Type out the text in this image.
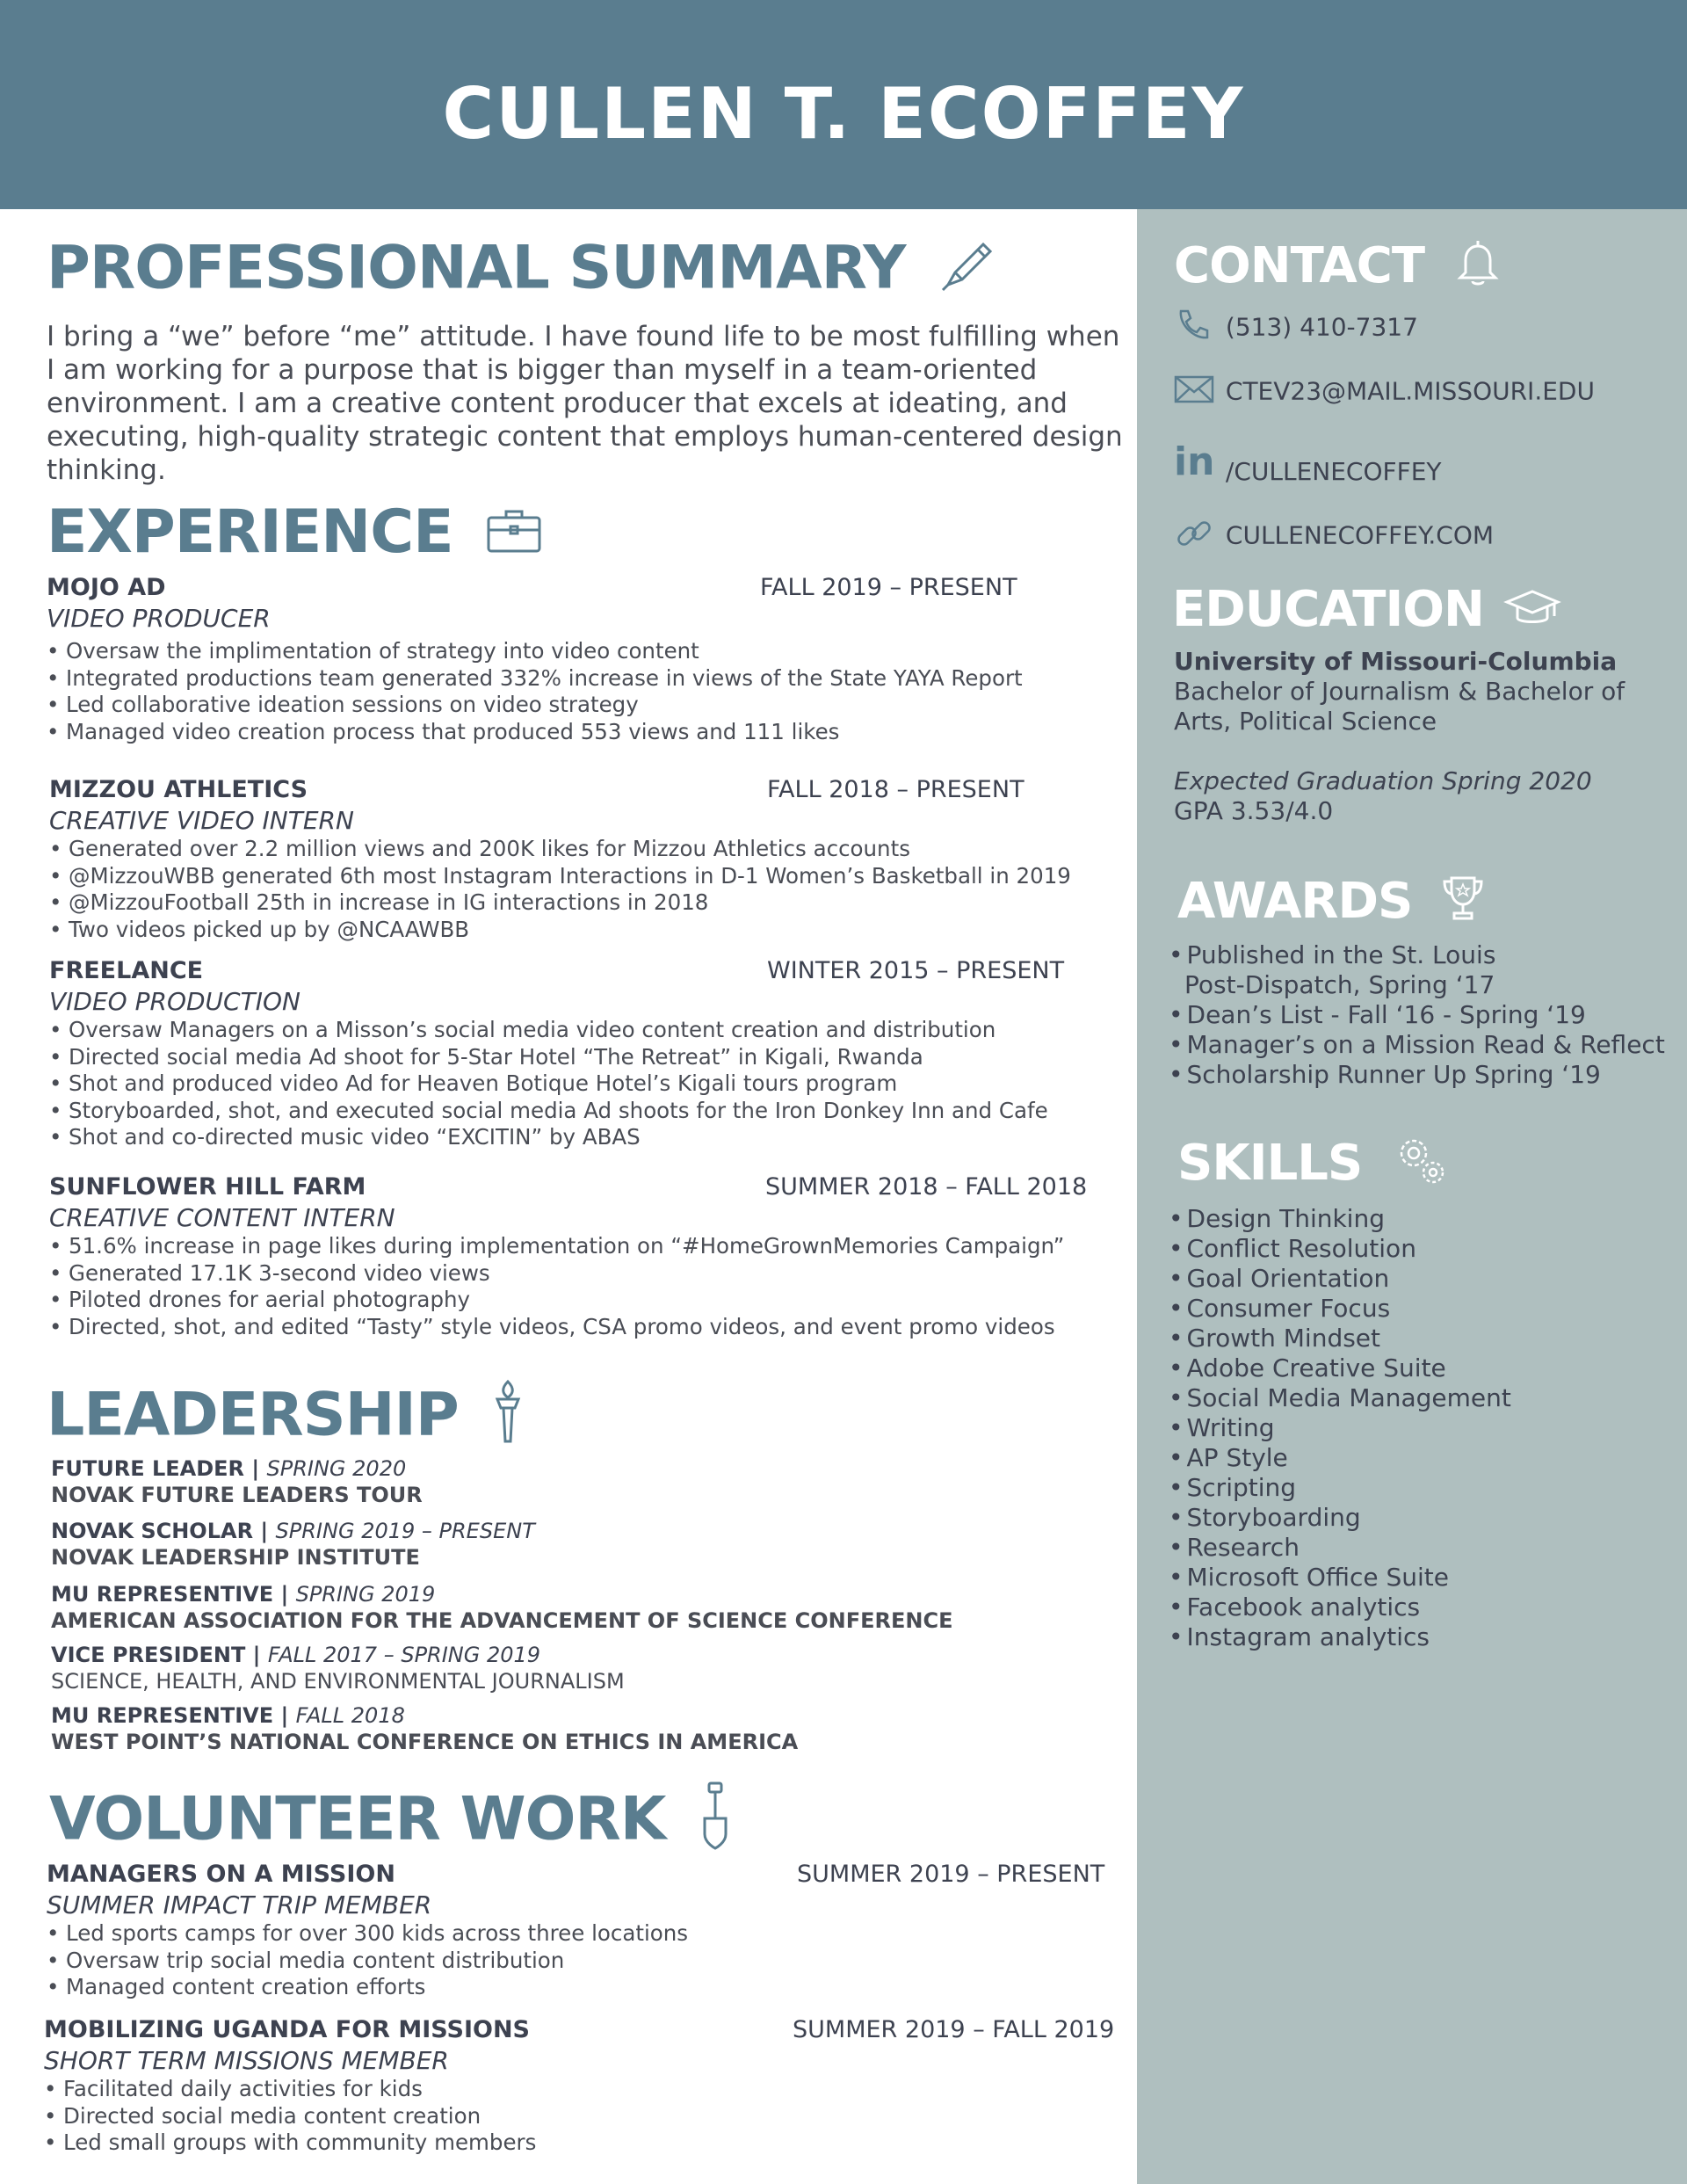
CULLEN T. ECOFFEY
PROFESSIONAL SUMMARY
I bring a “we” before “me” attitude. I have found life to be most fulfilling when I am working for a purpose that is bigger than myself in a team-oriented environment. I am a creative content producer that excels at ideating, and executing, high-quality strategic content that employs human-centered design thinking.
EXPERIENCE
MOJO AD	FALL 2019 – PRESENT
VIDEO PRODUCER
• Oversaw the implimentation of strategy into video content
• Integrated productions team generated 332% increase in views of the State YAYA Report
• Led collaborative ideation sessions on video strategy
• Managed video creation process that produced 553 views and 111 likes
MIZZOU ATHLETICS	FALL 2018 – PRESENT
CREATIVE VIDEO INTERN
• Generated over 2.2 million views and 200K likes for Mizzou Athletics accounts
• @MizzouWBB generated 6th most Instagram Interactions in D-1 Women’s Basketball in 2019
• @MizzouFootball 25th in increase in IG interactions in 2018
• Two videos picked up by @NCAAWBB
FREELANCE	WINTER 2015 – PRESENT
VIDEO PRODUCTION
• Oversaw Managers on a Misson’s social media video content creation and distribution
• Directed social media Ad shoot for 5-Star Hotel “The Retreat” in Kigali, Rwanda
• Shot and produced video Ad for Heaven Botique Hotel’s Kigali tours program
• Storyboarded, shot, and executed social media Ad shoots for the Iron Donkey Inn and Cafe
• Shot and co-directed music video “EXCITIN” by ABAS
SUNFLOWER HILL FARM	SUMMER 2018 – FALL 2018
CREATIVE CONTENT INTERN
• 51.6% increase in page likes during implementation on “#HomeGrownMemories Campaign”
• Generated 17.1K 3-second video views
• Piloted drones for aerial photography
• Directed, shot, and edited “Tasty” style videos, CSA promo videos, and event promo videos
LEADERSHIP
FUTURE LEADER | SPRING 2020
NOVAK FUTURE LEADERS TOUR
NOVAK SCHOLAR | SPRING 2019 – PRESENT
NOVAK LEADERSHIP INSTITUTE
MU REPRESENTIVE | SPRING 2019
AMERICAN ASSOCIATION FOR THE ADVANCEMENT OF SCIENCE CONFERENCE
VICE PRESIDENT | FALL 2017 – SPRING 2019
SCIENCE, HEALTH, AND ENVIRONMENTAL JOURNALISM
MU REPRESENTIVE | FALL 2018
WEST POINT’S NATIONAL CONFERENCE ON ETHICS IN AMERICA
VOLUNTEER WORK
MANAGERS ON A MISSION	SUMMER 2019 – PRESENT
SUMMER IMPACT TRIP MEMBER
• Led sports camps for over 300 kids across three locations
• Oversaw trip social media content distribution
• Managed content creation efforts
MOBILIZING UGANDA FOR MISSIONS	SUMMER 2019 – FALL 2019
SHORT TERM MISSIONS MEMBER
• Facilitated daily activities for kids
• Directed social media content creation
• Led small groups with community members
CONTACT
(513) 410-7317
CTEV23@MAIL.MISSOURI.EDU
in /CULLENECOFFEY
CULLENECOFFEY.COM
EDUCATION
University of Missouri-Columbia
Bachelor of Journalism & Bachelor of Arts, Political Science
Expected Graduation Spring 2020
GPA 3.53/4.0
AWARDS
• Published in the St. Louis
Post-Dispatch, Spring ‘17
• Dean’s List - Fall ‘16 - Spring ‘19
• Manager’s on a Mission Read & Reflect
• Scholarship Runner Up Spring ‘19
SKILLS
• Design Thinking
• Conflict Resolution
• Goal Orientation
• Consumer Focus
• Growth Mindset
• Adobe Creative Suite
• Social Media Management
• Writing
• AP Style
• Scripting
• Storyboarding
• Research
• Microsoft Office Suite
• Facebook analytics
• Instagram analytics
